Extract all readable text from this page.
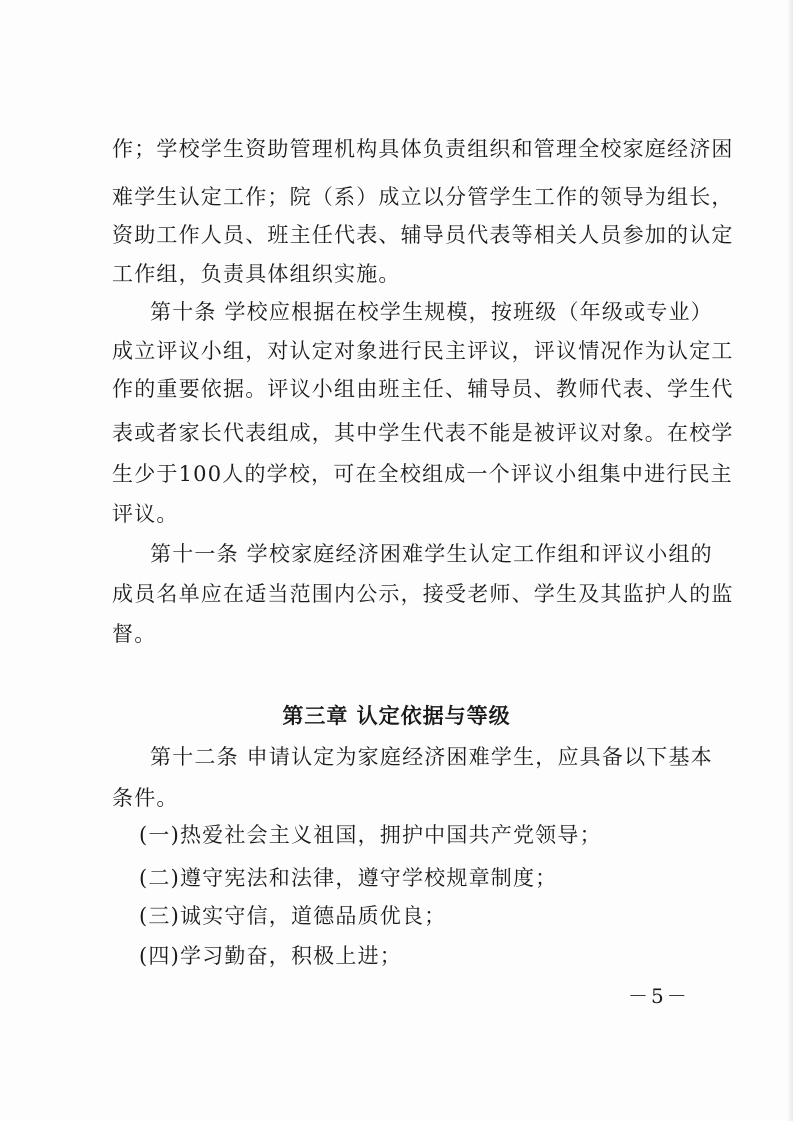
作；学校学生资助管理机构具体负责组织和管理全校家庭经济困
难学生认定工作；院（系）成立以分管学生工作的领导为组长，
资助工作人员、班主任代表、辅导员代表等相关人员参加的认定
工作组，负责具体组织实施。
第十条 学校应根据在校学生规模，按班级（年级或专业）
成立评议小组，对认定对象进行民主评议，评议情况作为认定工
作的重要依据。评议小组由班主任、辅导员、教师代表、学生代
表或者家长代表组成，其中学生代表不能是被评议对象。在校学
生少于100人的学校，可在全校组成一个评议小组集中进行民主
评议。
第十一条 学校家庭经济困难学生认定工作组和评议小组的
成员名单应在适当范围内公示，接受老师、学生及其监护人的监
督。
第三章 认定依据与等级
第十二条 申请认定为家庭经济困难学生，应具备以下基本
条件。
(一)热爱社会主义祖国，拥护中国共产党领导；
(二)遵守宪法和法律，遵守学校规章制度；
(三)诚实守信，道德品质优良；
(四)学习勤奋，积极上进；
－5－
